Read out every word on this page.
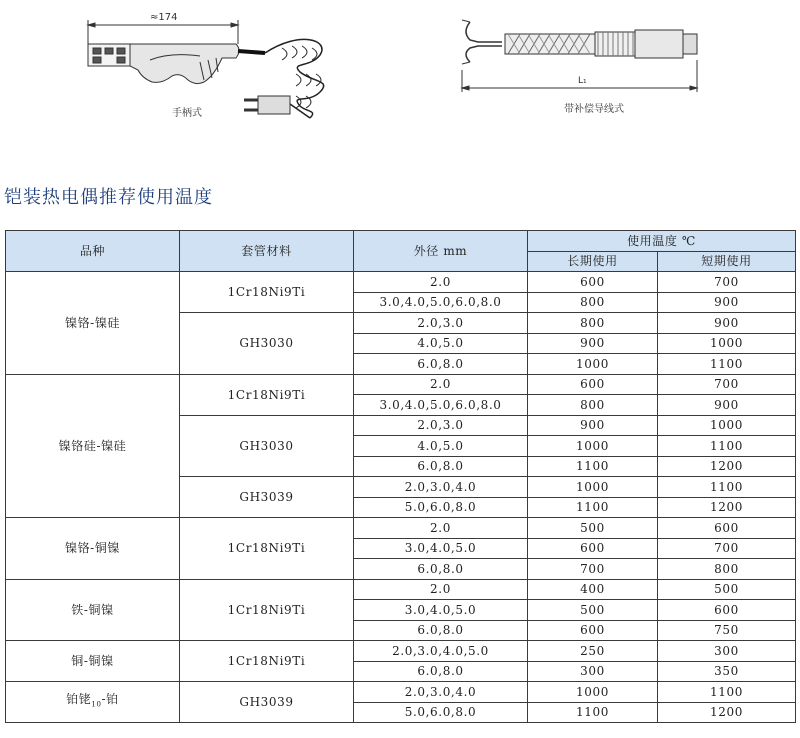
≈174
手柄式
L₁
带补偿导线式
铠装热电偶推荐使用温度
品种	套管材料	外径 mm	使用温度 ℃	
			长期使用	短期使用
镍铬-镍硅	1Cr18Ni9Ti	2.0	600	700
		3.0,4.0,5.0,6.0,8.0	800	900
	GH3030	2.0,3.0	800	900
		4.0,5.0	900	1000
		6.0,8.0	1000	1100
镍铬硅-镍硅	1Cr18Ni9Ti	2.0	600	700
		3.0,4.0,5.0,6.0,8.0	800	900
	GH3030	2.0,3.0	900	1000
		4.0,5.0	1000	1100
		6.0,8.0	1100	1200
	GH3039	2.0,3.0,4.0	1000	1100
		5.0,6.0,8.0	1100	1200
镍铬-铜镍	1Cr18Ni9Ti	2.0	500	600
		3.0,4.0,5.0	600	700
		6.0,8.0	700	800
铁-铜镍	1Cr18Ni9Ti	2.0	400	500
		3.0,4.0,5.0	500	600
		6.0,8.0	600	750
铜-铜镍	1Cr18Ni9Ti	2.0,3.0,4.0,5.0	250	300
		6.0,8.0	300	350
铂铑$_{10}$-铂	GH3039	2.0,3.0,4.0	1000	1100
		5.0,6.0,8.0	1100	1200
